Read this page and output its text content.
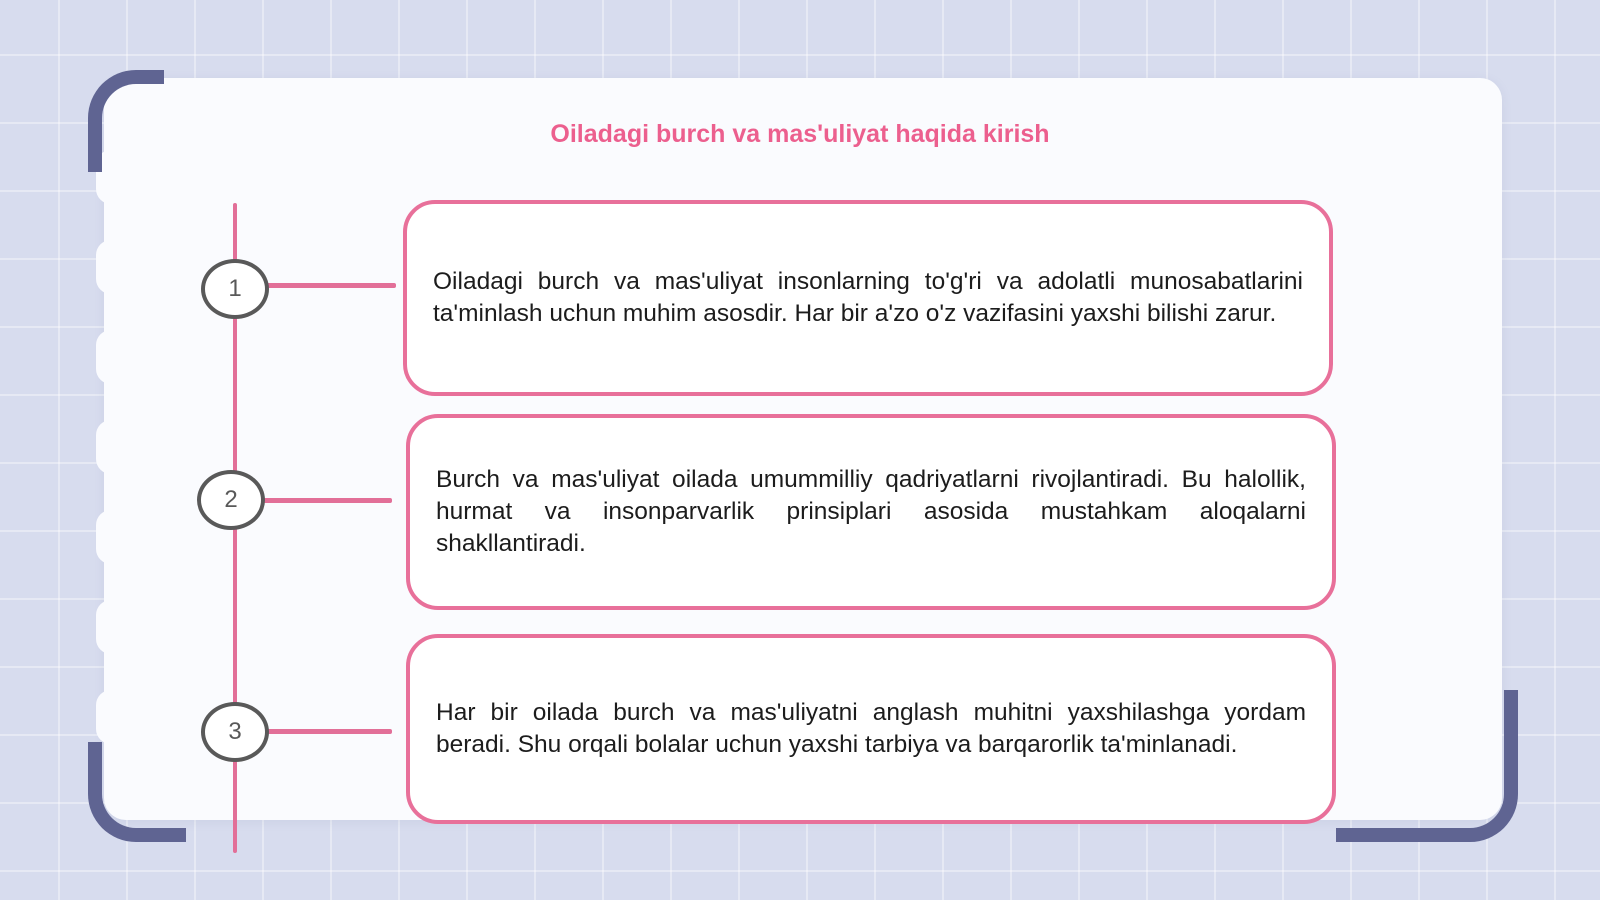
Oiladagi burch va mas'uliyat haqida kirish
1	Oiladagi burch va mas'uliyat insonlarning to'g'ri va adolatli munosabatlarini ta'minlash uchun muhim asosdir. Har bir a'zo o'z vazifasini yaxshi bilishi zarur.

2

Burch va mas'uliyat oilada umummilliy qadriyatlarni rivojlantiradi. Bu halollik, hurmat va insonparvarlik prinsiplari asosida mustahkam aloqalarni shakllantiradi.

3

Har bir oilada burch va mas'uliyatni anglash muhitni yaxshilashga yordam beradi. Shu orqali bolalar uchun yaxshi tarbiya va barqarorlik ta'minlanadi.
